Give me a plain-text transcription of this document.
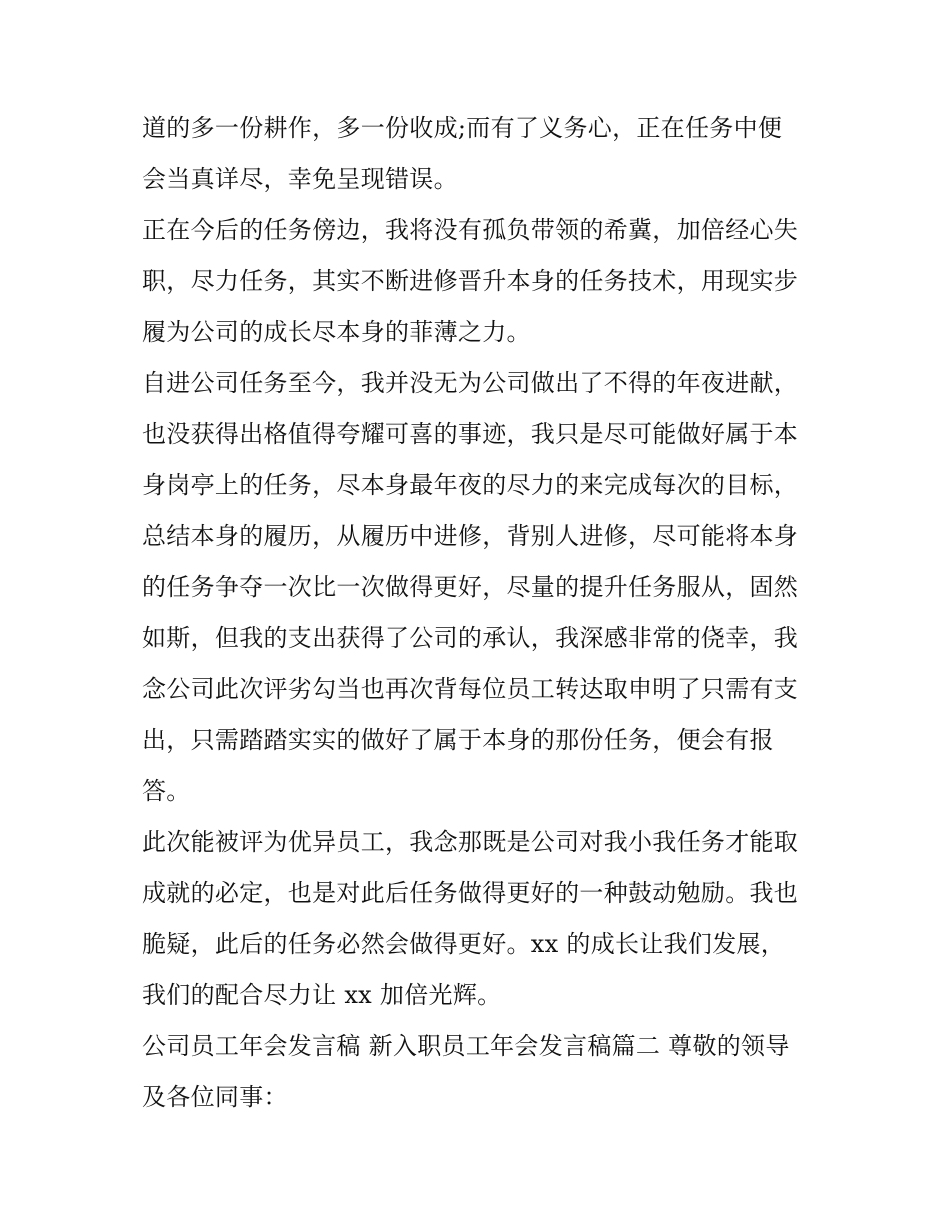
道的多一份耕作，多一份收成;而有了义务心，正在任务中便
会当真详尽，幸免呈现错误。
正在今后的任务傍边，我将没有孤负带领的希冀，加倍经心失
职，尽力任务，其实不断进修晋升本身的任务技术，用现实步
履为公司的成长尽本身的菲薄之力。
自进公司任务至今，我并没无为公司做出了不得的年夜进献，
也没获得出格值得夸耀可喜的事迹，我只是尽可能做好属于本
身岗亭上的任务，尽本身最年夜的尽力的来完成每次的目标，
总结本身的履历，从履历中进修，背别人进修，尽可能将本身
的任务争夺一次比一次做得更好，尽量的提升任务服从，固然
如斯，但我的支出获得了公司的承认，我深感非常的侥幸，我
念公司此次评劣勾当也再次背每位员工转达取申明了只需有支
出，只需踏踏实实的做好了属于本身的那份任务，便会有报
答。
此次能被评为优异员工，我念那既是公司对我小我任务才能取
成就的必定，也是对此后任务做得更好的一种鼓动勉励。我也
脆疑，此后的任务必然会做得更好。xx 的成长让我们发展，
我们的配合尽力让 xx 加倍光辉。
公司员工年会发言稿 新入职员工年会发言稿篇二 尊敬的领导
及各位同事：
